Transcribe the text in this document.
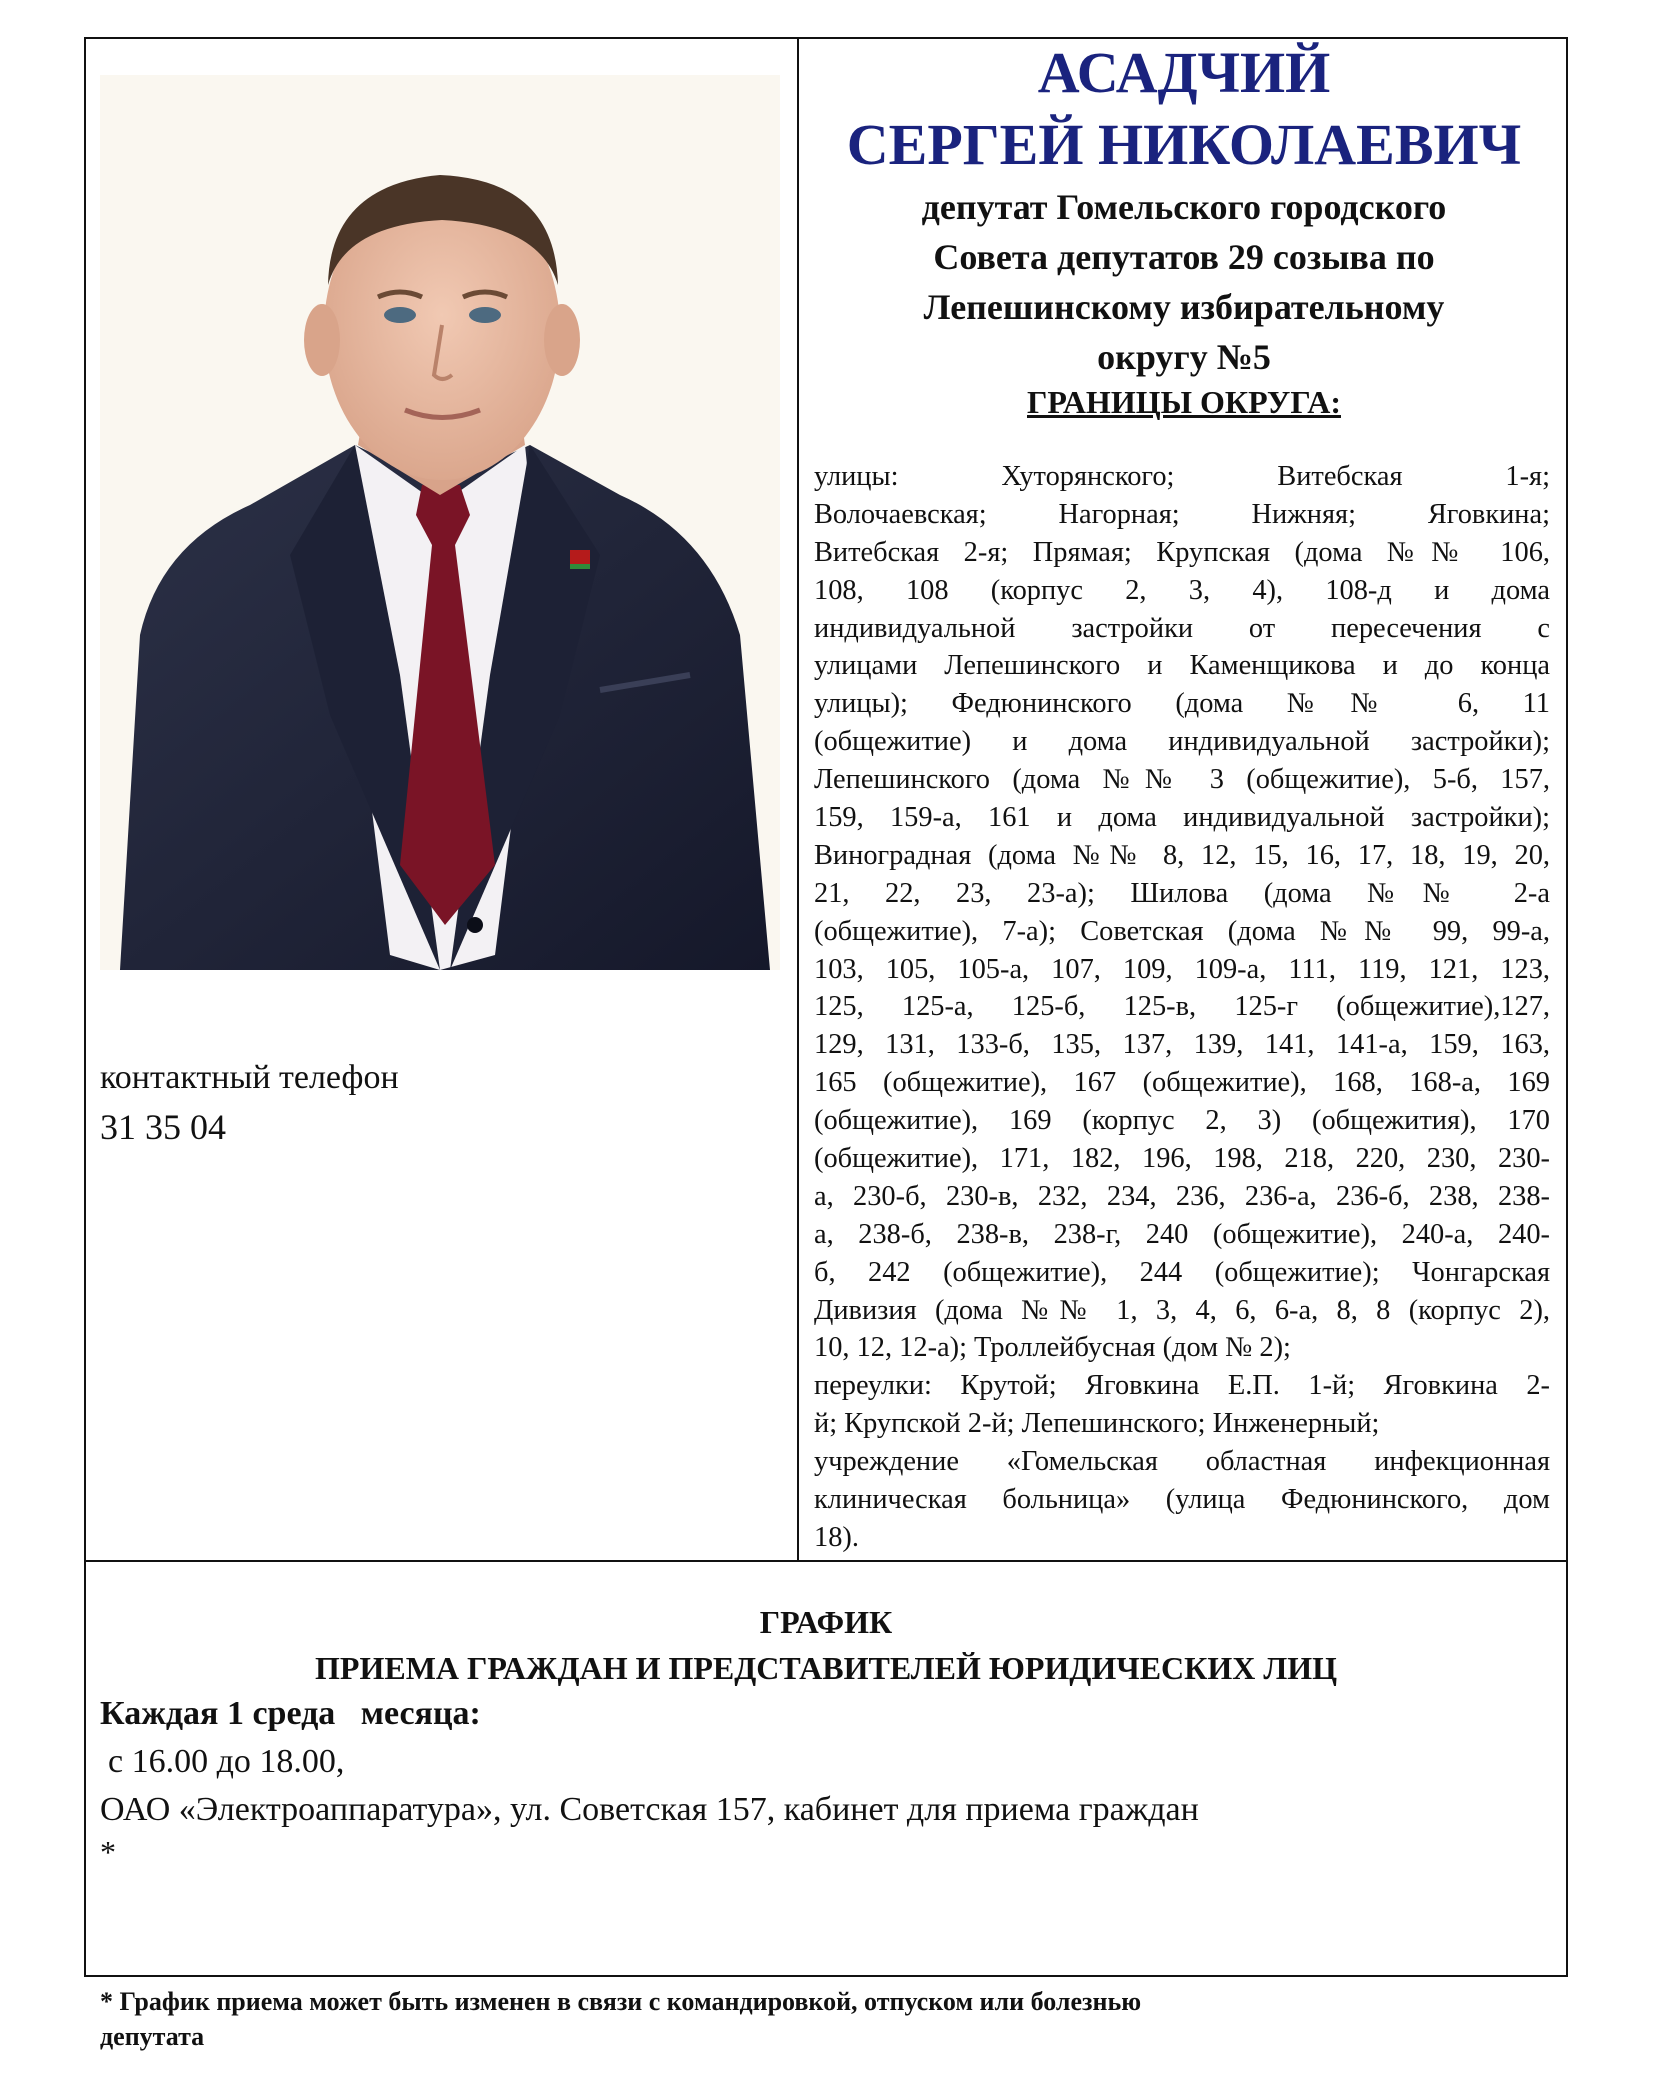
контактный телефон
31 35 04
АСАДЧИЙ
СЕРГЕЙ НИКОЛАЕВИЧ
депутат Гомельского городского
Совета депутатов 29 созыва по
Лепешинскому избирательному
округу №5
ГРАНИЦЫ ОКРУГА:
улицы: Хуторянского; Витебская 1-я;
Волочаевская; Нагорная; Нижняя; Яговкина;
Витебская 2-я; Прямая; Крупская (дома №№ 106,
108, 108 (корпус 2, 3, 4), 108-д и дома
индивидуальной застройки от пересечения с
улицами Лепешинского и Каменщикова и до конца
улицы); Федюнинского (дома №№ 6, 11
(общежитие) и дома индивидуальной застройки);
Лепешинского (дома №№ 3 (общежитие), 5-б, 157,
159, 159-а, 161 и дома индивидуальной застройки);
Виноградная (дома №№ 8, 12, 15, 16, 17, 18, 19, 20,
21, 22, 23, 23-а); Шилова (дома №№ 2-а
(общежитие), 7-а); Советская (дома №№ 99, 99-а,
103, 105, 105-а, 107, 109, 109-а, 111, 119, 121, 123,
125, 125-а, 125-б, 125-в, 125-г (общежитие),127,
129, 131, 133-б, 135, 137, 139, 141, 141-а, 159, 163,
165 (общежитие), 167 (общежитие), 168, 168-а, 169
(общежитие), 169 (корпус 2, 3) (общежития), 170
(общежитие), 171, 182, 196, 198, 218, 220, 230, 230-
а, 230-б, 230-в, 232, 234, 236, 236-а, 236-б, 238, 238-
а, 238-б, 238-в, 238-г, 240 (общежитие), 240-а, 240-
б, 242 (общежитие), 244 (общежитие); Чонгарская
Дивизия (дома №№ 1, 3, 4, 6, 6-а, 8, 8 (корпус 2),
10, 12, 12-а); Троллейбусная (дом № 2);
переулки: Крутой; Яговкина Е.П. 1-й; Яговкина 2-
й; Крупской 2-й; Лепешинского; Инженерный;
учреждение «Гомельская областная инфекционная
клиническая больница» (улица Федюнинского, дом
18).
ГРАФИК
ПРИЕМА ГРАЖДАН И ПРЕДСТАВИТЕЛЕЙ ЮРИДИЧЕСКИХ ЛИЦ
Каждая 1 среда   месяца:
с 16.00 до 18.00,
ОАО «Электроаппаратура», ул. Советская 157, кабинет для приема граждан
*
* График приема может быть изменен в связи с командировкой, отпуском или болезнью
депутата
